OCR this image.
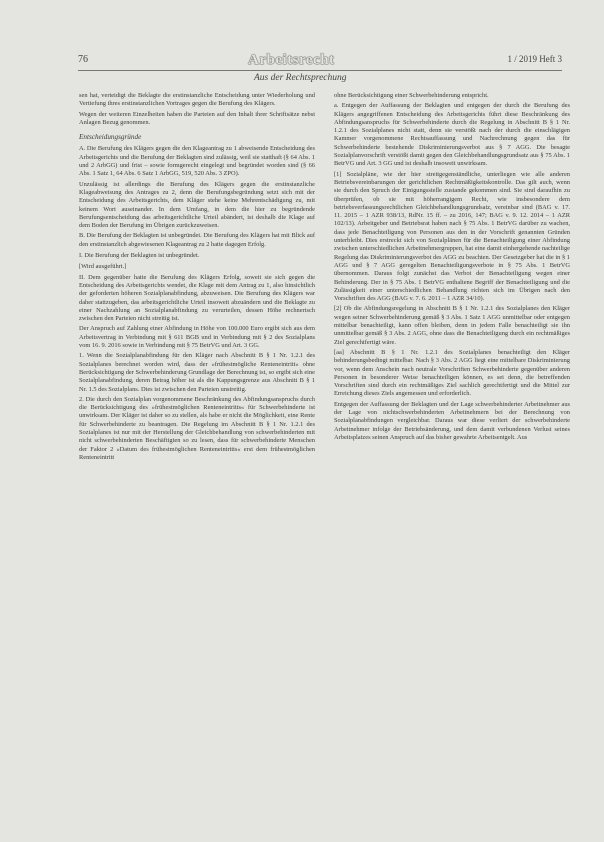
76	Arbeitsrecht	1 / 2019 Heft 3
Aus der Rechtsprechung

sen hat, verteidigt die Beklagte die erstinstanzliche Entscheidung unter Wiederholung und Vertiefung ihres erstinstanzlichen Vortrages gegen die Berufung des Klägers.

Wegen der weiteren Einzelheiten haben die Parteien auf den Inhalt ihrer Schriftsätze nebst Anlagen Bezug genommen.

Entscheidungsgründe

A. Die Berufung des Klägers gegen die den Klageantrag zu 1 abweisende Entscheidung des Arbeitsgerichts und die Berufung der Beklagten sind zulässig, weil sie statthaft (§ 64 Abs. 1 und 2 ArbGG) und frist – sowie formgerecht eingelegt und begründet worden sind (§ 66 Abs. 1 Satz 1, 64 Abs. 6 Satz 1 ArbGG, 519, 520 Abs. 3 ZPO).

Unzulässig ist allerdings die Berufung des Klägers gegen die erstinstanzliche Klageabweisung des Antrages zu 2, denn die Berufungsbegründung setzt sich mit der Entscheidung des Arbeitsgerichts, dem Kläger stehe keine Mehrentschädigung zu, mit keinem Wort auseinander. In dem Umfang, in dem die hier zu begründende Berufungsentscheidung das arbeitsgerichtliche Urteil abändert, ist deshalb die Klage auf dem Boden der Berufung im Übrigen zurückzuweisen.

B. Die Berufung der Beklagten ist unbegründet. Die Berufung des Klägers hat mit Blick auf den erstinstanzlich abgewiesenen Klageantrag zu 2 hatte dagegen Erfolg.

I. Die Berufung der Beklagten ist unbegründet.

[Wird ausgeführt.]

II. Dem gegenüber hatte die Berufung des Klägers Erfolg, soweit sie sich gegen die Entscheidung des Arbeitsgerichts wendet, die Klage mit dem Antrag zu 1, also hinsichtlich der geforderten höheren Sozialplanabfindung, abzuweisen. Die Berufung des Klägers war daher stattzugeben, das arbeitsgerichtliche Urteil insoweit abzuändern und die Beklagte zu einer Nachzahlung an Sozialplanabfindung zu verurteilen, dessen Höhe rechnerisch zwischen den Parteien nicht streitig ist.

Der Anspruch auf Zahlung einer Abfindung in Höhe von 100.000 Euro ergibt sich aus dem Arbeitsvertrag in Verbindung mit § 611 BGB und in Verbindung mit § 2 des Sozialplans vom 16. 9. 2016 sowie in Verbindung mit § 75 BetrVG und Art. 3 GG.

1. Wenn die Sozialplanabfindung für den Kläger nach Abschnitt B § 1 Nr. 1.2.1 des Sozialplanes berechnet worden wird, dass der »frühestmögliche Renteneintritt« ohne Berücksichtigung der Schwerbehinderung Grundlage der Berechnung ist, so ergibt sich eine Sozialplanabfindung, deren Betrag höher ist als die Kappungsgrenze aus Abschnitt B § 1 Nr. 1.5 des Sozialplans. Dies ist zwischen den Parteien unstreitig.

2. Die durch den Sozialplan vorgenommene Beschränkung des Abfindungsanspruchs durch die Berücksichtigung des »frühestmöglichen Renteneintritts« für Schwerbehinderte ist unwirksam. Der Kläger ist daher so zu stellen, als habe er nicht die Möglichkeit, eine Rente für Schwerbehinderte zu beantragen. Die Regelung im Abschnitt B § 1 Nr. 1.2.1 des Sozialplanes ist nur mit der Herstellung der Gleichbehandlung von schwerbehinderten mit nicht schwerbehinderten Beschäftigten so zu lesen, dass für schwerbehinderte Menschen der Faktor 2 »Datum des frühestmöglichen Renteneintritts« erst dem frühestmöglichen Renteneintritt

ohne Berücksichtigung einer Schwerbehinderung entspricht.

a. Entgegen der Auffassung der Beklagten und entgegen der durch die Berufung des Klägers angegriffenen Entscheidung des Arbeitsgerichts führt diese Beschränkung des Abfindungsanspruchs für Schwerbehinderte durch die Regelung in Abschnitt B § 1 Nr. 1.2.1 des Sozialplanes nicht statt, denn sie verstößt nach der durch die einschlägigen Kammer vorgenommene Rechtsauffassung und Nachrechnung gegen das für Schwerbehinderte bestehende Diskriminierungsverbot aus § 7 AGG. Die besagte Sozialplanvorschrift verstößt damit gegen den Gleichbehandlungsgrundsatz aus § 75 Abs. 1 BetrVG und Art. 3 GG und ist deshalb insoweit unwirksam.

[1] Sozialpläne, wie der hier streitgegenständliche, unterliegen wie alle anderen Betriebsvereinbarungen der gerichtlichen Rechtmäßigkeitskontrolle. Das gilt auch, wenn sie durch den Spruch der Einigungsstelle zustande gekommen sind. Sie sind daraufhin zu überprüfen, ob sie mit höherrangigem Recht, wie insbesondere dem betriebsverfassungsrechtlichen Gleichbehandlungsgrundsatz, vereinbar sind (BAG v. 17. 11. 2015 – 1 AZR 938/13, RdNr. 15 ff. – zu 2016, 147; BAG v. 9. 12. 2014 – 1 AZR 102/13). Arbeitgeber und Betriebsrat haben nach § 75 Abs. 1 BetrVG darüber zu wachen, dass jede Benachteiligung von Personen aus den in der Vorschrift genannten Gründen unterbleibt. Dies erstreckt sich von Sozialplänen für die Benachteiligung einer Abfindung zwischen unterschiedlichen Arbeitnehmergruppen, hat eine damit einhergehende nachteilige Regelung das Diskriminierungsverbot des AGG zu beachten. Der Gesetzgeber hat die in § 1 AGG und § 7 AGG geregelten Benachteiligungsverbote in § 75 Abs. 1 BetrVG übernommen. Daraus folgt zunächst das Verbot der Benachteiligung wegen einer Behinderung. Der in § 75 Abs. 1 BetrVG enthaltene Begriff der Benachteiligung und die Zulässigkeit einer unterschiedlichen Behandlung richten sich im Übrigen nach den Vorschriften des AGG (BAG v. 7. 6. 2011 – 1 AZR 34/10).

[2] Ob die Abfindungsregelung in Abschnitt B § 1 Nr. 1.2.1 des Sozialplanes den Kläger wegen seiner Schwerbehinderung gemäß § 3 Abs. 1 Satz 1 AGG unmittelbar oder entgegen mittelbar benachteiligt, kann offen bleiben, denn in jedem Falle benachteiligt sie ihn unmittelbar gemäß § 3 Abs. 2 AGG, ohne dass die Benachteiligung durch ein rechtmäßiges Ziel gerechtfertigt wäre.

[aa] Abschnitt B § 1 Nr. 1.2.1 des Sozialplanes benachteiligt den Kläger behinderungsbedingt mittelbar. Nach § 3 Abs. 2 AGG liegt eine mittelbare Diskriminierung vor, wenn dem Anschein nach neutrale Vorschriften Schwerbehinderte gegenüber anderen Personen in besonderer Weise benachteiligen können, es sei denn, die betreffenden Vorschriften sind durch ein rechtmäßiges Ziel sachlich gerechtfertigt und die Mittel zur Erreichung dieses Ziels angemessen und erforderlich.

Entgegen der Auffassung der Beklagten und der Lage schwerbehinderter Arbeitnehmer aus der Lage von nichtschwerbehinderten Arbeitnehmern bei der Berechnung von Sozialplanabfindungen vergleichbar. Daraus war diese verliert der schwerbehinderte Arbeitnehmer infolge der Betriebsänderung, und dem damit verbundenen Verlust seines Arbeitsplatzes seinen Anspruch auf das bisher gewahrte Arbeitsentgelt. Aus
